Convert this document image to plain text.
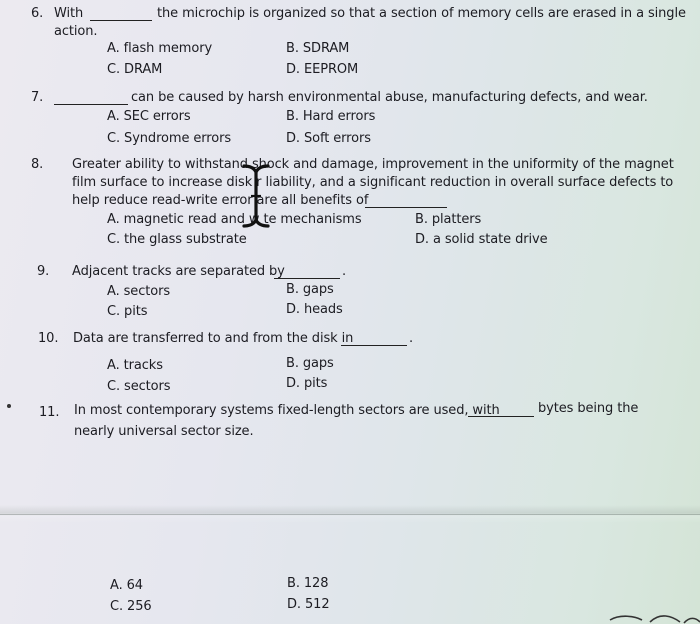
6. With	the microchip is organized so that a section of memory cells are erased in a single
action.
A. flash memory	B. SDRAM
C. DRAM	D. EEPROM
7.	can be caused by harsh environmental abuse, manufacturing defects, and wear.
A. SEC errors	B. Hard errors
C. Syndrome errors	D. Soft errors
8. Greater ability to withstand shock and damage, improvement in the uniformity of the magnet
film surface to increase disk r liability, and a significant reduction in overall surface defects to
help reduce read-write error are all benefits of
A. magnetic read and w te mechanisms	B. platters
C. the glass substrate	D. a solid state drive
9. Adjacent tracks are separated by	.
A. sectors	B. gaps
C. pits	D. heads
10. Data are transferred to and from the disk in	.
A. tracks	B. gaps
C. sectors	D. pits
11. In most contemporary systems fixed-length sectors are used, with	bytes being the
nearly universal sector size.
A. 64	B. 128
C. 256	D. 512
